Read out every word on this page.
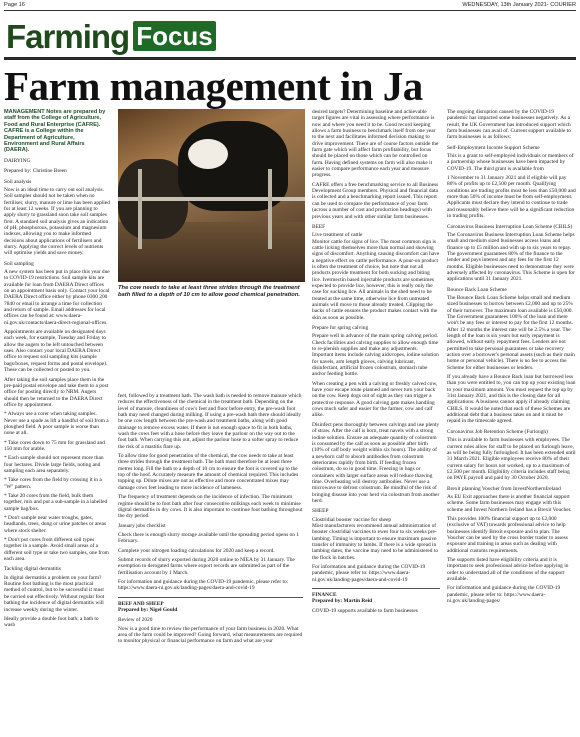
Page 16	WEDNESDAY, 13th January 2021- COURIER
Farming Focus
Farm management in Ja

MANAGEMENT Notes are prepared by staff from the College of Agriculture, Food and Rural Enterprise (CAFRE). CAFRE is a College within the Department of Agriculture, Environment and Rural Affairs (DAERA).

DAIRYING
Prepared by: Christine Breen
Soil analysis

Now is an ideal time to carry out soil analysis. Soil samples should not be taken when no fertiliser, slurry, manure or lime has been applied for at least 12 weeks. If you are planning to apply slurry to grassland soon take soil samples first. A standard soil analysis gives an indication of pH, phosphorous, potassium and magnesium indexes, allowing you to make informed decisions about applications of fertilisers and slurry. Applying the correct levels of nutrients will optimise yields and save money.

Soil sampling

A new system has been put in place this year due to COVID-19 restrictions. Soil sample kits are available for loan from DAERA Direct offices on an appointment basis only. Contact your local DAERA Direct office either by phone 0300 200 7840 or email to arrange a time for collection and return of sample. Email addresses for local offices can be found at: www.daera-ni.gov.uk/contacts/daera-direct-regional-offices.

Appointments are available on designated days each week, for example, Tuesday and Friday to allow the augers to be left untouched between uses. Also contact your local DAERA Direct office to request soil sampling kits (sample bags/boxes, request forms and postal envelope). These can be collected or posted to you.

After taking the soil samples place them in the pre-paid postal envelope and take them to a post office for posting directly to NRM. Augers should then be returned to the DAERA Direct office by appointment.

* Always use a corer when taking samples. Never use a spade as lift a handful of soil from a ploughed field. A poor sample is worse than none at all.

* Take cores down to 75 mm for grassland and 150 mm for arable.

* Each sample should not represent more than four hectares. Divide large fields, noting and sampling each area separately.

* Take cores from the field by crossing it in a "W" pattern.

* Take 20 cores from the field, bulk them together, mix and put a sub-sample in a labelled sample bag/box.

* Don't sample near water troughs, gates, headlands, trees, dung or urine patches or areas where stock shelter.

* Don't put cores from different soil types together in a sample. Avoid small areas of a different soil type or take two samples, one from each area.

Tackling digital dermatitis

In digital dermatitis a problem on your farm? Routine foot bathing is the most practical method of control, but to be successful it must be carried out effectively. Without regular foot bathing the incidence of digital dermatitis will increase weekly during the winter.

Ideally provide a double foot bath; a bath to wash

The cow needs to take at least three strides through the treatment bath filled to a depth of 10 cm to allow good chemical penetration.

feet, followed by a treatment bath. The wash bath is needed to remove manure which reduces the effectiveness of the chemical in the treatment bath. Depending on the level of manure, cleanliness of cow's feet and floor before entry, the pre-wash foot bath may need changed during milking. If using a pre-wash bath there should ideally be one cow length between the pre-wash and treatment baths, along with good drainage to remove excess water. If there is not enough space to fit in both baths, wash the cows feet with a hose before they leave the parlour on the way out to the foot bath. When carrying this out, adjust the parlour hose to a softer spray to reduce the risk of a mastitis flare up.

To allow time for good penetration of the chemical, the cow needs to take at least three strides through the treatment bath. The bath must therefore be at least three metres long. Fill the bath to a depth of 10 cm to ensure the foot is covered up to the top of the hoof. Accurately measure the amount of chemical required. This includes topping up. Dilute mixes are not as effective and more concentrated mixes may damage cows feet leading to more incidence of lameness.

The frequency of treatment depends on the incidence of infection. The minimum regime should be to foot bath after four consecutive milkings each week to minimise digital dermatitis in dry cows. It is also important to continue foot bathing throughout the dry period.

January jobs checklist

Check there is enough slurry storage available until the spreading period opens on 1 February.

Complete your nitrogen loading calculations for 2020 and keep a record.

Submit records of slurry exported during 2020 online to NIEA by 31 January. The exemption to derogated farms where export records are submitted as part of the fertilisation account by 1 March.

For information and guidance during the COVID-19 pandemic, please refer to: https://www.daera-ni.gov.uk/landing-pages/daera-and-covid-19

BEEF AND SHEEP
Prepared by: Nigel Gould
Review of 2020

Now is a good time to review the performance of your farm business in 2020. What area of the farm could be improved? Going forward, what measurements are required to monitor physical or financial performance on farm and what are your

desired targets? Determining baseline and achievable target figures are vital in assessing where performance is now and where you need it to be. Good record keeping allows a farm business to benchmark itself from one year to the next and facilitates informed decision making to drive improvement. There are of course factors outside the farm gate which will affect farm profitability, but focus should be placed on those which can be controlled on farm. Having defined systems on farm will also make it easier to compare performance each year and measure progress.

CAFRE offers a free benchmarking service to all Business Development Group members. Physical and financial data is collected and a benchmarking report issued. This report can be used to compare the performance of your farm (across a number of cost and production headings) with previous years and with other similar farm businesses.

BEEF
Live treatment of cattle

Monitor cattle for signs of lice. The most common sign is cattle licking themselves more than normal and showing signs of discomfort. Anything causing discomfort can have a negative effect on cattle performance. A pour-on product is often the treatment of choice, but note that not all products provide treatment for both sucking and biting lice. Ivermectin based injectable products are sometimes expected to provide lice, however, this is really only the case for sucking lice. All animals in the shed need to be treated at the same time, otherwise lice from untreated animals will move to those already treated. Clipping the backs of cattle ensures the product makes contact with the skin as soon as possible.

Prepare for spring calving

Prepare well in advance of the main spring calving period. Check facilities and calving supplies to allow enough time to re-plenish supplies and make any adjustments. Important items include calving aids/ropes, iodine solution for navels, arm length gloves, calving lubricant, disinfectant, artificial frozen colostrum, stomach tube and/or feeding bottle.

When creating a pen with a calving or freshly calved cow, have your escape route planned and never turn your back on the cow. Keep dogs out of sight as they can trigger a protective response. A good calving gate makes handling cows much safer and easier for the farmer, cow and calf alike.

Disinfect pens thoroughly between calvings and use plenty of straw. After the calf is born, treat navels with a strong iodine solution. Ensure an adequate quantity of colostrum is consumed by the calf as soon as possible after birth (10% of calf body weight within six hours). The ability of a newborn calf to absorb antibodies from colostrum deteriorates rapidly from birth. If feeding frozen colostrum, do so in good time. Freezing in bags or containers with larger surface areas will reduce thawing time. Overheating will destroy antibodies. Never use a microwave to defrost colostrum. Be mindful of the risk of bringing disease into your herd via colostrum from another herd.

SHEEP
Clostridial booster vaccine for sheep

Most manufacturers recommend annual administration of booster clostridial vaccines to ewes four to six weeks pre-lambing. Timing is important to ensure maximum passive transfer of immunity to lambs. If there is a wide spread in lambing dates, the vaccine may need to be administered to the flock in batches.

For information and guidance during the COVID-19 pandemic, please refer to: https://www.daera-ni.gov.uk/landing-pages/daera-and-covid-19

FINANCE
Prepared by: Martin Reid

COVID-19 supports available to farm businesses

The ongoing disruption caused by the COVID-19 pandemic has impacted some businesses negatively. As a result, the UK Government has introduced support which farm businesses can avail of. Current support available to farm businesses is as follows:

Self-Employment Income Support Scheme

This is a grant to self-employed individuals or members of a partnership whose businesses have been impacted by COVID-19. The third grant is available from

1 November to 31 January 2021 and if eligible will pay 80% of profits up to £2,500 per month. Qualifying conditions are trading profits must be less than £50,000 and more than 50% of income must be from self-employment. Applicants must declare they intend to continue to trade and reasonably believe there will be a significant reduction in trading profits.

Coronavirus Business Interruption Loan Scheme (CBILS)

The Coronavirus Business Interruption Loan Scheme helps small and medium sized businesses access loans and finance up to £5 million and with up to six years to repay. The government guarantees 80% of the finance to the lender and pays interest and any fees for the first 12 months. Eligible businesses need to demonstrate they were adversely affected by coronavirus. This Scheme is open for applications until 31 January 2021.

Bounce Back Loan Scheme

The Bounce Back Loan Scheme helps small and medium sized businesses to borrow between £2,000 and up to 25% of their turnover. The maximum loan available is £50,000. The Government guarantees 100% of the loan and there won't be any fees or interest to pay for the first 12 months. After 12 months the interest rate will be 2.5% a year. The length of the loan is six years but early repayment is allowed, without early repayment fees. Lenders are not permitted to take personal guarantees or take recovery action over a borrower's personal assets (such as their main home or personal vehicle). There is no fee to access the Scheme for either businesses or lenders.

If you already have a Bounce Back loan but borrowed less than you were entitled to, you can top up your existing loan to your maximum amount. You must request the top up by 31st January 2021, and this is the closing date for all applications. A business cannot apply if already claiming CBILS. It would be noted that each of these Schemes are additional debt that a business takes on and it must be repaid in the timescale agreed.

Coronavirus Job Retention Scheme (Furlough)

This is available to farm businesses with employees. The current rules allow for staff to be placed on furlough leave, as will be being fully furloughed. It has been extended until 31 March 2021. Eligible employees receive 80% of their current salary for hours not worked, up to a maximum of £2,500 per month. Eligibility criteria includes staff being on PAYE payroll and paid by 30 October 2020.

Brexit planning Voucher from InvestNorthernIreland

As EU Exit approaches there is another financial support scheme. Some farm businesses may engage with this scheme and Invest Northern Ireland has a Brexit Voucher.

This provides 100% financial support up to £2,000 (exclusive of VAT) towards professional advice to help businesses identify Brexit exposure and to plan. The Voucher can be used by the cross border trader to assess exposure and training in areas such as dealing with additional customs requirements.

The supports listed have eligibility criteria and it is important to seek professional advice before applying in order to understand all of the conditions of the support available.

For information and guidance during the COVID-19 pandemic, please refer to: https://www.daera-ni.gov.uk/landing-pages/
